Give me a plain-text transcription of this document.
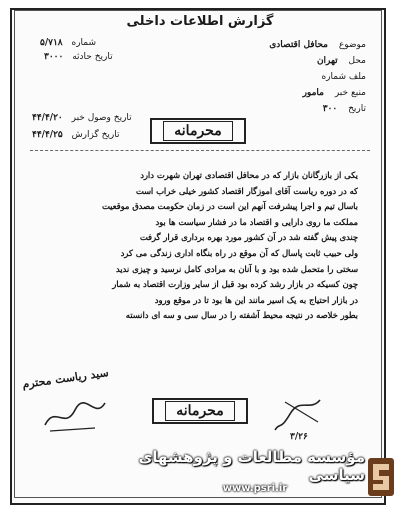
گزارش اطلاعات داخلی
شماره ۵/۷۱۸
تاریخ حادثه ۳۰۰۰
تاریخ وصول خبر ۴۴/۴/۲۰
تاریخ گزارش ۴۴/۴/۲۵
موضوع محافل اقتصادی
محل تهران
ملف شماره
منبع خبر مامور
تاریخ ۳۰۰
محرمانه
یکی از بازرگانان بازار که در محافل اقتصادی تهران شهرت دارد
که در دوره ریاست آقای اموزگار اقتصاد کشور خیلی خراب است
باسال تیم و اجرا پیشرفت آنهم این است در زمان حکومت مصدق موقعیت
مملکت ما روی دارایی و اقتصاد ما در فشار سیاست ها بود
چندی پیش گفته شد در آن کشور مورد بهره برداری قرار گرفت
ولی حبیب ثابت پاسال که آن موقع در راه بنگاه اداری زندگی می کرد
سختی را متحمل شده بود و با آنان به مرادی کامل نرسید و چیزی ندید
چون کسیکه در بازار رشد کرده بود قبل از سایر وزارت اقتصاد به شمار
در بازار احتیاج به یک اسیر مانند این ها بود تا در موقع ورود
بطور خلاصه در نتیجه محیط آشفته را در سال سی و سه ای دانسته
سید ریاست محترم
محرمانه
۳/۲۶
مؤسسه مطالعات و پژوهشهای سیاسی
www.psri.ir
